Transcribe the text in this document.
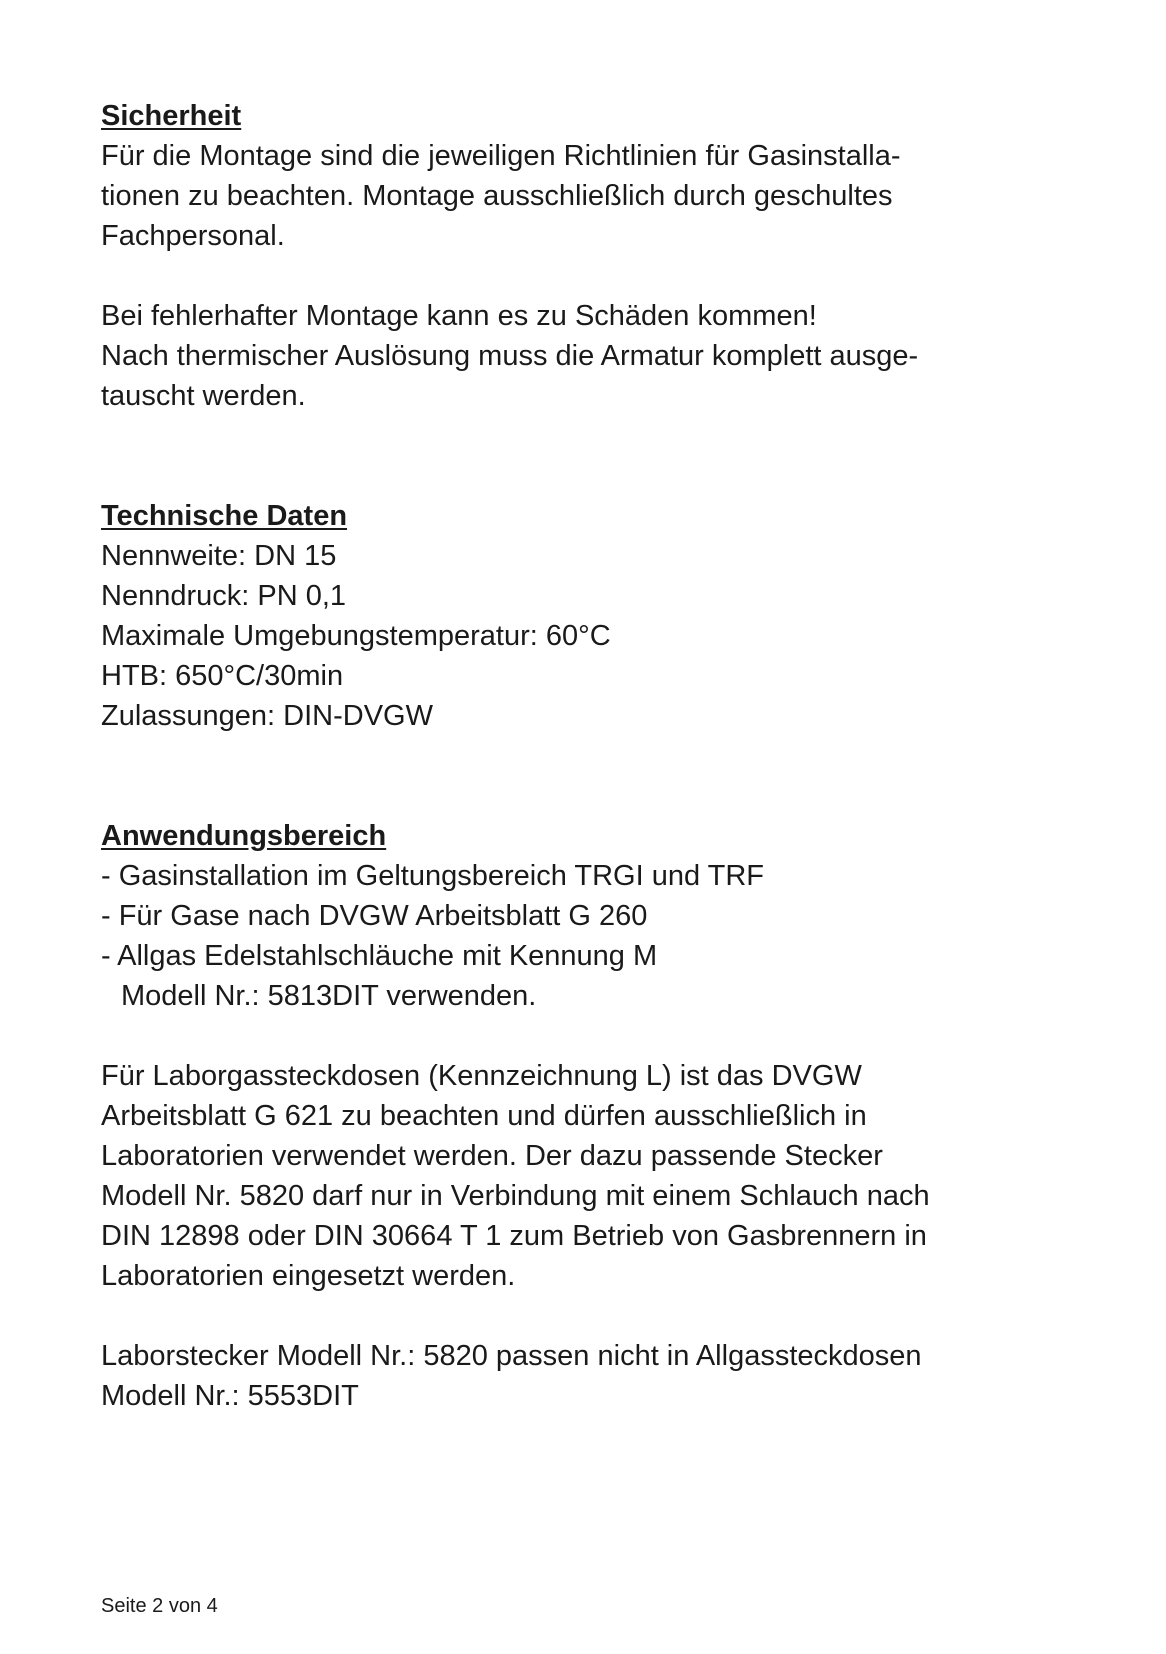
Sicherheit

Für die Montage sind die jeweiligen Richtlinien für Gasinstalla-

tionen zu beachten. Montage ausschließlich durch geschultes

Fachpersonal.

Bei fehlerhafter Montage kann es zu Schäden kommen!

Nach thermischer Auslösung muss die Armatur komplett ausge-

tauscht werden.

Technische Daten

Nennweite: DN 15

Nenndruck: PN 0,1

Maximale Umgebungstemperatur: 60°C

HTB: 650°C/30min

Zulassungen: DIN-DVGW

Anwendungsbereich

- Gasinstallation im Geltungsbereich TRGI und TRF

- Für Gase nach DVGW Arbeitsblatt G 260

- Allgas Edelstahlschläuche mit Kennung M

Modell Nr.: 5813DIT verwenden.

Für Laborgassteckdosen (Kennzeichnung L) ist das DVGW

Arbeitsblatt G 621 zu beachten und dürfen ausschließlich in

Laboratorien verwendet werden. Der dazu passende Stecker

Modell Nr. 5820 darf nur in Verbindung mit einem Schlauch nach

DIN 12898 oder DIN 30664 T 1 zum Betrieb von Gasbrennern in

Laboratorien eingesetzt werden.

Laborstecker Modell Nr.: 5820 passen nicht in Allgassteckdosen

Modell Nr.: 5553DIT

Seite 2 von 4
